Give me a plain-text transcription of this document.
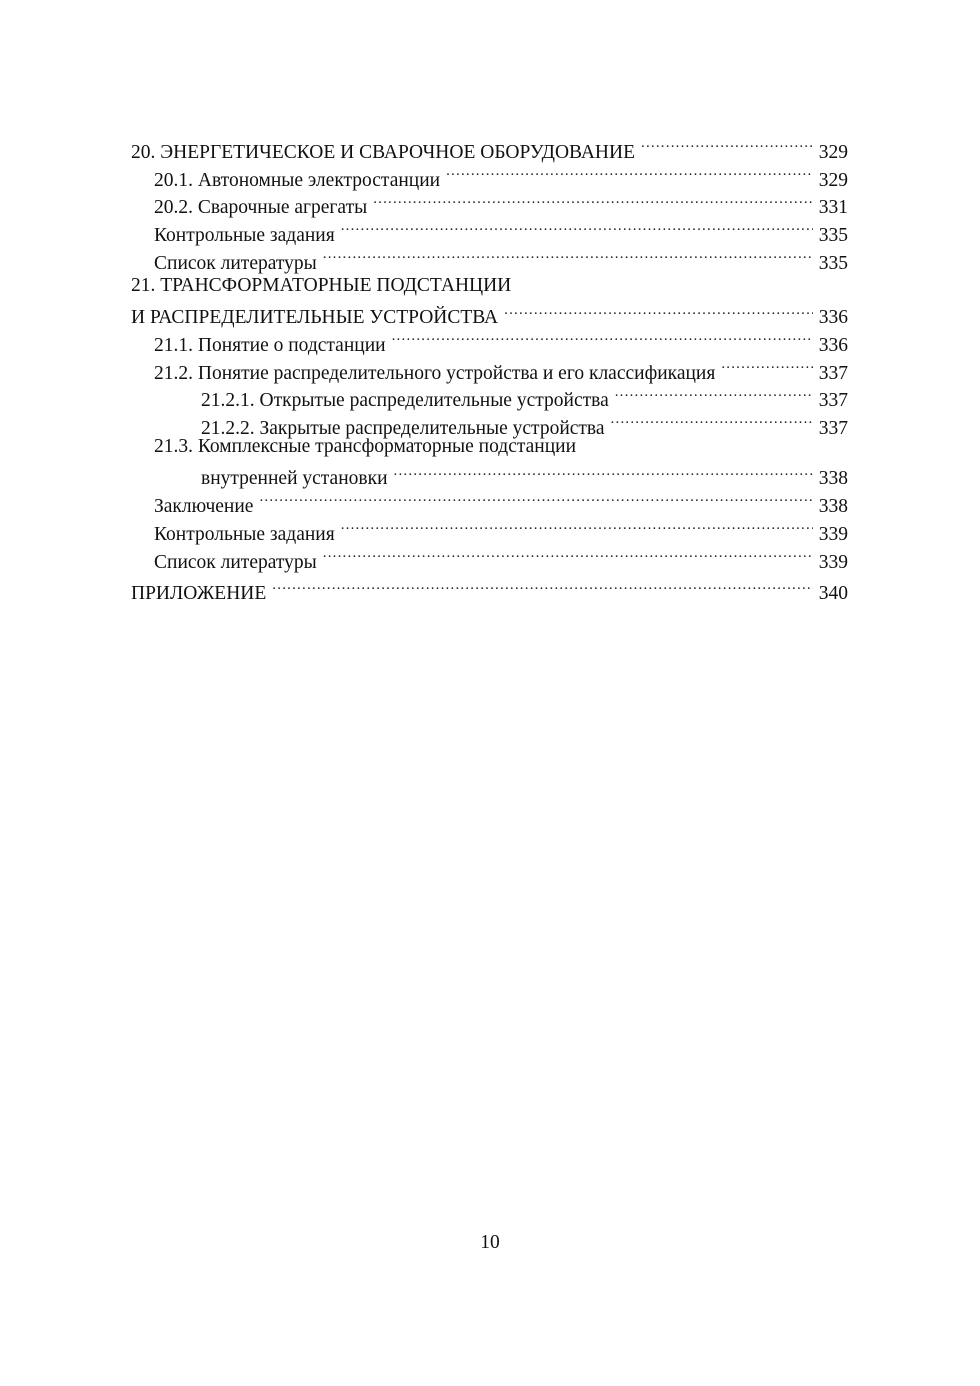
20. ЭНЕРГЕТИЧЕСКОЕ И СВАРОЧНОЕ ОБОРУДОВАНИЕ .....	329
20.1. Автономные электростанции .....	329
20.2. Сварочные агрегаты .....	331
Контрольные задания .....	335
Список литературы .....	335
21. ТРАНСФОРМАТОРНЫЕ ПОДСТАНЦИИ
И РАСПРЕДЕЛИТЕЛЬНЫЕ УСТРОЙСТВА .....	336
21.1. Понятие о подстанции .....	336
21.2. Понятие распределительного устройства и его классификация .....	337
21.2.1. Открытые распределительные устройства .....	337
21.2.2. Закрытые распределительные устройства .....	337
21.3. Комплексные трансформаторные подстанции
внутренней установки .....	338
Заключение .....	338
Контрольные задания .....	339
Список литературы .....	339
ПРИЛОЖЕНИЕ .....	340
10
